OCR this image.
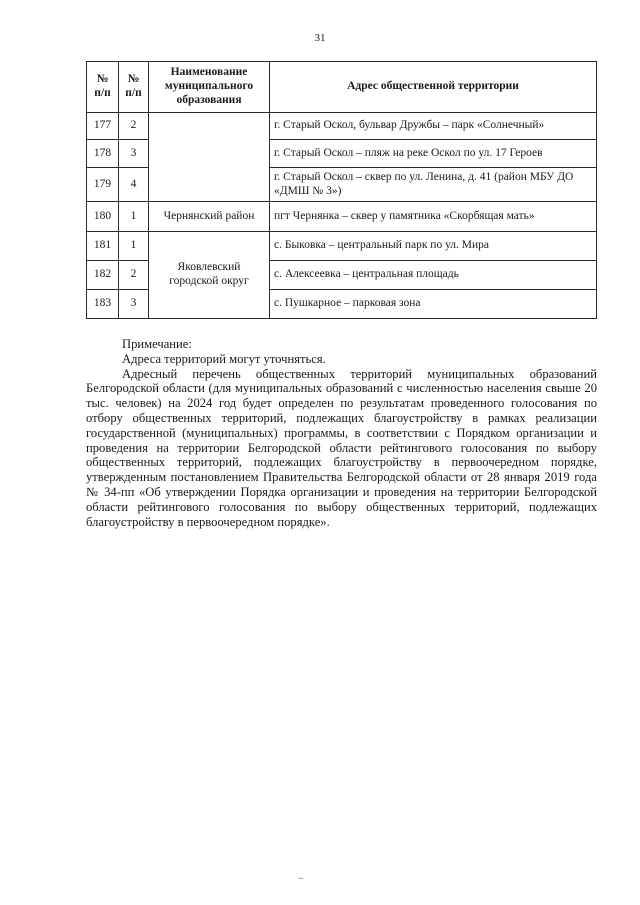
31
№ п/п	№ п/п	Наименование муниципального образования	Адрес общественной территории
177	2		г. Старый Оскол, бульвар Дружбы – парк «Солнечный»
178	3		г. Старый Оскол – пляж на реке Оскол по ул. 17 Героев
179	4		г. Старый Оскол – сквер по ул. Ленина, д. 41 (район МБУ ДО «ДМШ № 3»)
180	1	Чернянский район	пгт Чернянка – сквер у памятника «Скорбящая мать»
181	1	Яковлевский городской округ	с. Быковка – центральный парк по ул. Мира
182	2		с. Алексеевка – центральная площадь
183	3		с. Пушкарное – парковая зона

Примечание:

Адреса территорий могут уточняться.

Адресный перечень общественных территорий муниципальных образований Белгородской области (для муниципальных образований с численностью населения свыше 20 тыс. человек) на 2024 год будет определен по результатам проведенного голосования по отбору общественных территорий, подлежащих благоустройству в рамках реализации государственной (муниципальных) программы, в соответствии с Порядком организации и проведения на территории Белгородской области рейтингового голосования по выбору общественных территорий, подлежащих благоустройству в первоочередном порядке, утвержденным постановлением Правительства Белгородской области от 28 января 2019 года № 34-пп «Об утверждении Порядка организации и проведения на территории Белгородской области рейтингового голосования по выбору общественных территорий, подлежащих благоустройству в первоочередном порядке».

⌣
